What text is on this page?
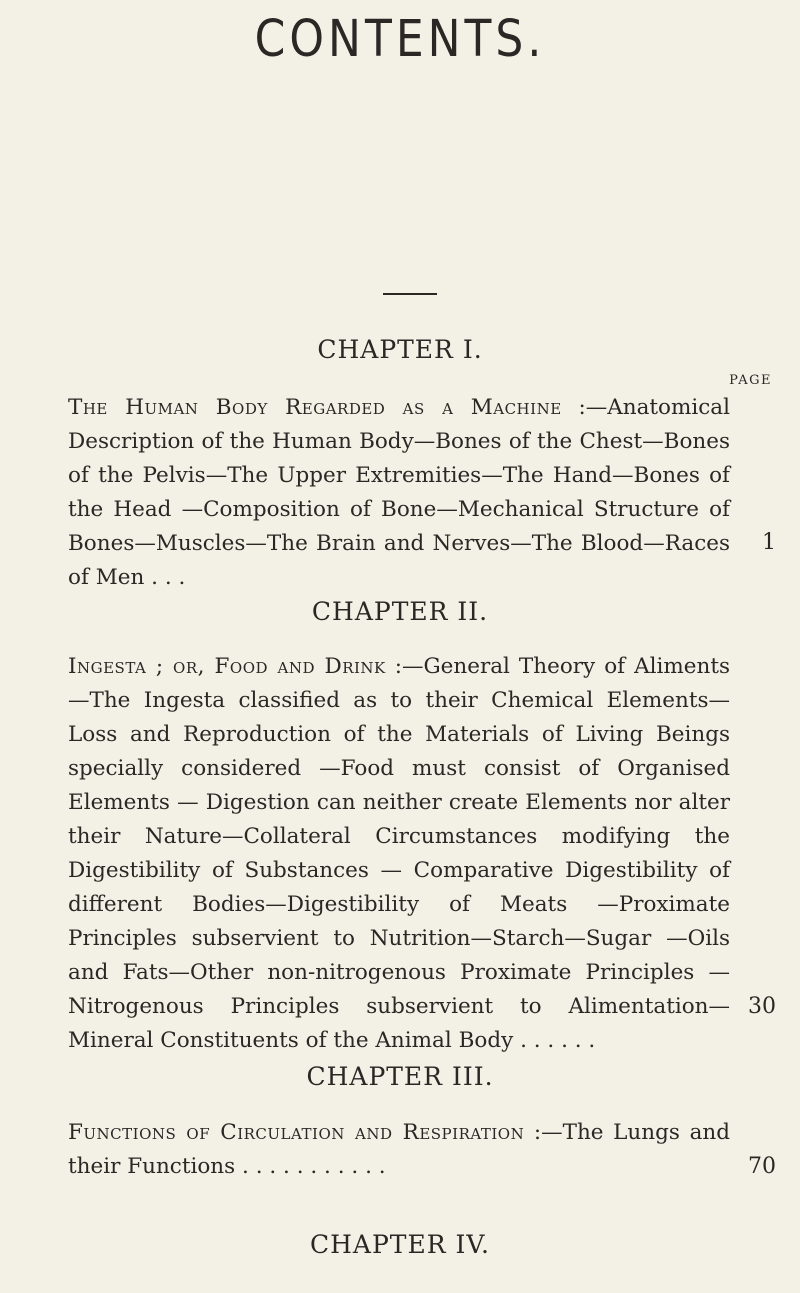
CONTENTS.
CHAPTER I.
PAGE
The Human Body Regarded as a Machine :—Anatomical Description of the Human Body—Bones of the Chest—Bones of the Pelvis—The Upper Extremities—The Hand—Bones of the Head —Composition of Bone—Mechanical Structure of Bones—Muscles—The Brain and Nerves—The Blood—Races of Men . . .
1
CHAPTER II.
Ingesta ; or, Food and Drink :—General Theory of Aliments—The Ingesta classified as to their Chemical Elements—Loss and Reproduction of the Materials of Living Beings specially considered —Food must consist of Organised Elements — Digestion can neither create Elements nor alter their Nature—Collateral Circumstances modifying the Digestibility of Substances — Comparative Digestibility of different Bodies—Digestibility of Meats —Proximate Principles subservient to Nutrition—Starch—Sugar —Oils and Fats—Other non-nitrogenous Proximate Principles —Nitrogenous Principles subservient to Alimentation—Mineral Constituents of the Animal Body . . . . . .
30
CHAPTER III.
Functions of Circulation and Respiration :—The Lungs and their Functions . . . . . . . . . . .	70
CHAPTER IV.
